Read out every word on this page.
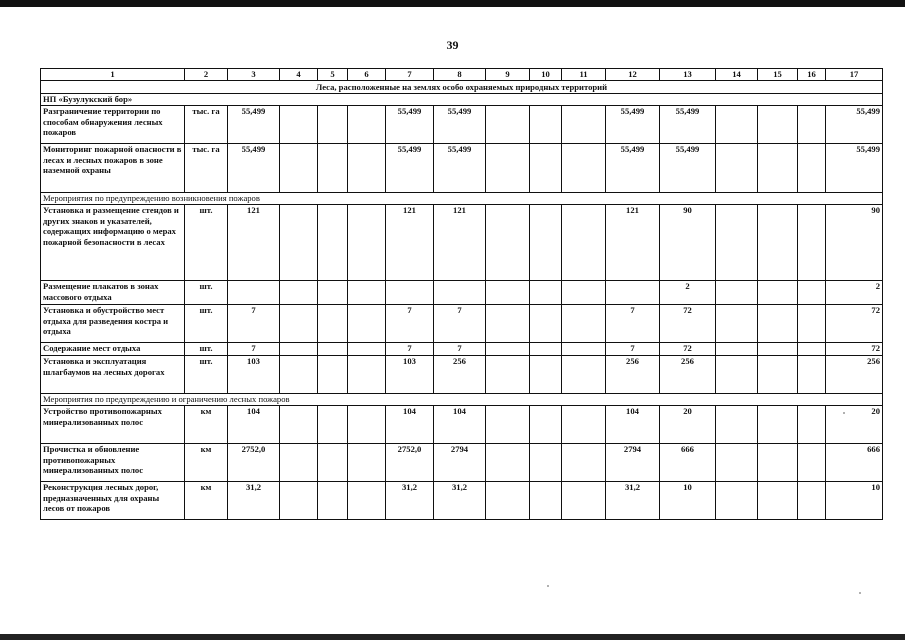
39
1	2	3	4	5	6	7	8	9	10	11	12	13	14	15	16	17
Леса, расположенные на землях особо охраняемых природных территорий																
НП «Бузулукский бор»																
Разграничение территории по способам обнаружения лесных пожаров	тыс. га	55,499				55,499	55,499				55,499	55,499				55,499
Мониторинг пожарной опасности в лесах и лесных пожаров в зоне наземной охраны	тыс. га	55,499				55,499	55,499				55,499	55,499				55,499
Мероприятия по предупреждению возникновения пожаров																
Установка и размещение стендов и других знаков и указателей, содержащих информацию о мерах пожарной безопасности в лесах	шт.	121				121	121				121	90				90
Размещение плакатов в зонах массового отдыха	шт.											2				2
Установка и обустройство мест отдыха для разведения костра и отдыха	шт.	7				7	7				7	72				72
Содержание мест отдыха	шт.	7				7	7				7	72				72
Установка и эксплуатация шлагбаумов на лесных дорогах	шт.	103				103	256				256	256				256
Мероприятия по предупреждению и ограничению лесных пожаров																
Устройство противопожарных минерализованных полос	км	104				104	104				104	20				20
Прочистка и обновление противопожарных минерализованных полос	км	2752,0				2752,0	2794				2794	666				666
Реконструкция лесных дорог, предназначенных для охраны лесов от пожаров	км	31,2				31,2	31,2				31,2	10				10
